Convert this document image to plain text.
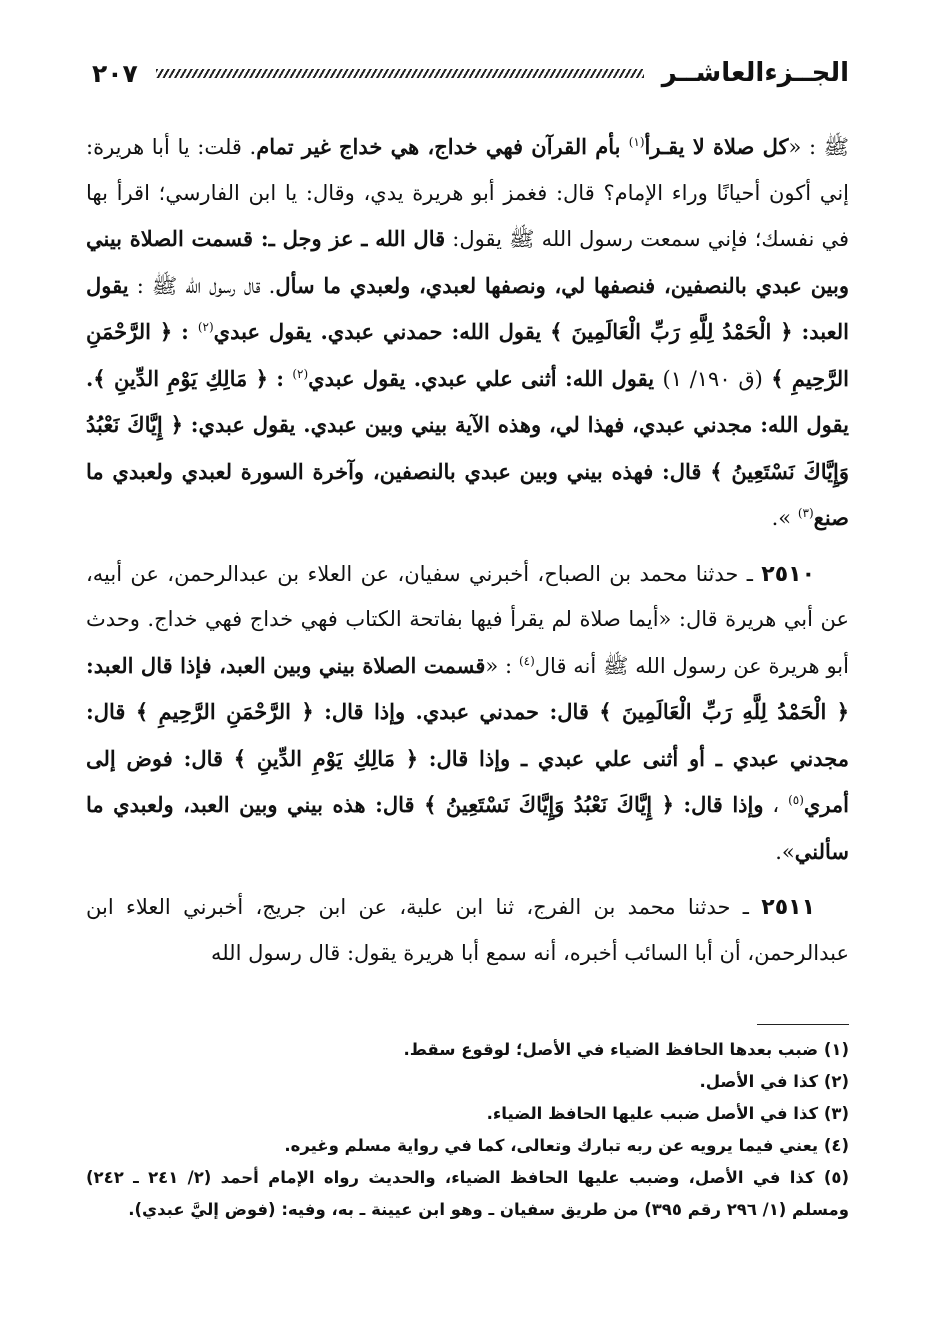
الجــزءالعاشــر
٢٠٧

ﷺ : «كل صلاة لا يقـرأ$^{(١)}$ بأم القرآن فهي خداج، هي خداج غير تمام. قلت: يا أبا هريرة: إني أكون أحيانًا وراء الإمام؟ قال: فغمز أبو هريرة يدي، وقال: يا ابن الفارسي؛ اقرأ بها في نفسك؛ فإني سمعت رسول الله ﷺ يقول: قال الله ـ عز وجل ـ: قسمت الصلاة بيني وبين عبدي بالنصفين، فنصفها لي، ونصفها لعبدي، ولعبدي ما سأل. قال رسول الله ﷺ : يقول العبد: ﴿ الْحَمْدُ لِلَّهِ رَبِّ الْعَالَمِينَ ﴾ يقول الله: حمدني عبدي. يقول عبدي$^{(٢)}$ : ﴿ الرَّحْمَنِ الرَّحِيمِ ﴾ (ق ١٩٠/ ١) يقول الله: أثنى علي عبدي. يقول عبدي$^{(٢)}$ : ﴿ مَالِكِ يَوْمِ الدِّينِ ﴾. يقول الله: مجدني عبدي، فهذا لي، وهذه الآية بيني وبين عبدي. يقول عبدي: ﴿ إِيَّاكَ نَعْبُدُ وَإِيَّاكَ نَسْتَعِينُ ﴾ قال: فهذه بيني وبين عبدي بالنصفين، وآخرة السورة لعبدي ولعبدي ما صنع$^{(٣)}$ ».

٢٥١٠ ـ حدثنا محمد بن الصباح، أخبرني سفيان، عن العلاء بن عبدالرحمن، عن أبيه، عن أبي هريرة قال: «أيما صلاة لم يقرأ فيها بفاتحة الكتاب فهي خداج فهي خداج. وحدث أبو هريرة عن رسول الله ﷺ أنه قال$^{(٤)}$ : «قسمت الصلاة بيني وبين العبد، فإذا قال العبد: ﴿ الْحَمْدُ لِلَّهِ رَبِّ الْعَالَمِينَ ﴾ قال: حمدني عبدي. وإذا قال: ﴿ الرَّحْمَنِ الرَّحِيمِ ﴾ قال: مجدني عبدي ـ أو أثنى علي عبدي ـ وإذا قال: ﴿ مَالِكِ يَوْمِ الدِّينِ ﴾ قال: فوض إلى أمري$^{(٥)}$ ، وإذا قال: ﴿ إِيَّاكَ نَعْبُدُ وَإِيَّاكَ نَسْتَعِينُ ﴾ قال: هذه بيني وبين العبد، ولعبدي ما سألني».

٢٥١١ ـ حدثنا محمد بن الفرج، ثنا ابن علية، عن ابن جريج، أخبرني العلاء ابن عبدالرحمن، أن أبا السائب أخبره، أنه سمع أبا هريرة يقول: قال رسول الله

(١) ضبب بعدها الحافظ الضياء في الأصل؛ لوقوع سقط.

(٢) كذا في الأصل.

(٣) كذا في الأصل ضبب عليها الحافظ الضياء.

(٤) يعني فيما يرويه عن ربه تبارك وتعالى، كما في رواية مسلم وغيره.

(٥) كذا في الأصل، وضبب عليها الحافظ الضياء، والحديث رواه الإمام أحمد (٢/ ٢٤١ ـ ٢٤٢) ومسلم (١/ ٢٩٦ رقم ٣٩٥) من طريق سفيان ـ وهو ابن عيينة ـ به، وفيه: (فوض إليَّ عبدي).
